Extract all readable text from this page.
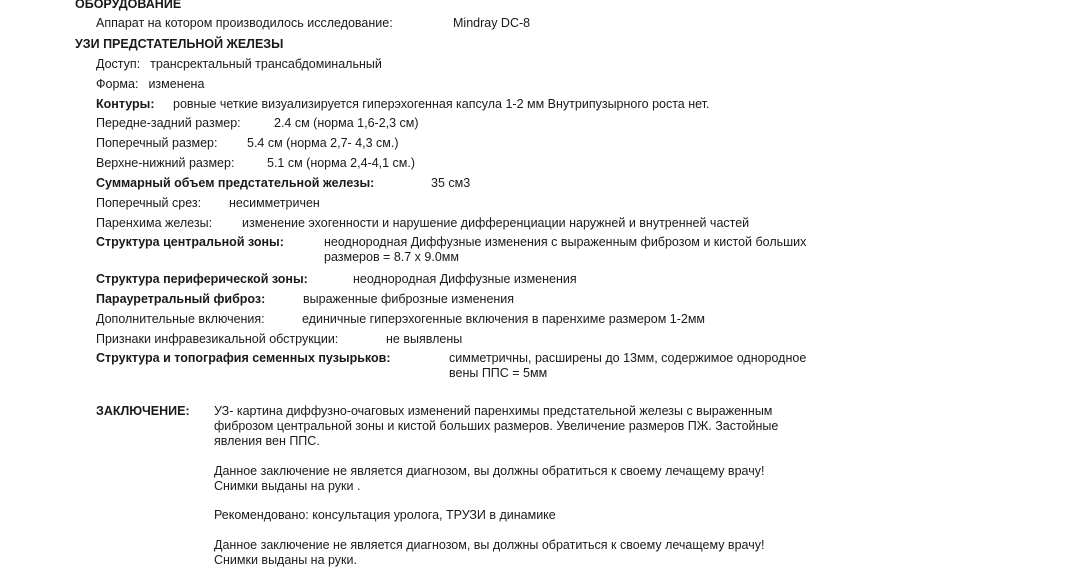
ОБОРУДОВАНИЕ
Аппарат на котором производилось исследование:	Mindray DC-8
УЗИ ПРЕДСТАТЕЛЬНОЙ ЖЕЛЕЗЫ
Доступ: трансректальный трансабдоминальный
Форма: изменена
Контуры: ровные четкие визуализируется гиперэхогенная капсула 1-2 мм Внутрипузырного роста нет.
Передне-задний размер:	2.4 см (норма 1,6-2,3 см)
Поперечный размер: 5.4 см (норма 2,7- 4,3 см.)
Верхне-нижний размер:	5.1 см (норма 2,4-4,1 см.)
Суммарный объем предстательной железы:	35 см3
Поперечный срез: несимметричен
Паренхима железы: изменение эхогенности и нарушение дифференциации наружней и внутренней частей
Структура центральной зоны:	неоднородная Диффузные изменения с выраженным фиброзом и кистой больших
размеров = 8.7 х 9.0мм
Структура периферической зоны:	неоднородная Диффузные изменения
Парауретральный фиброз:	выраженные фиброзные изменения
Дополнительные включения:	единичные гиперэхогенные включения в паренхиме размером 1-2мм
Признаки инфравезикальной обструкции:	не выявлены
Структура и топография семенных пузырьков:	симметричны, расширены до 13мм, содержимое однородное
вены ППС = 5мм
ЗАКЛЮЧЕНИЕ: УЗ- картина диффузно-очаговых изменений паренхимы предстательной железы с выраженным
фиброзом центральной зоны и кистой больших размеров. Увеличение размеров ПЖ. Застойные
явления вен ППС.
Данное заключение не является диагнозом, вы должны обратиться к своему лечащему врачу!
Снимки выданы на руки .
Рекомендовано: консультация уролога, ТРУЗИ в динамике
Данное заключение не является диагнозом, вы должны обратиться к своему лечащему врачу!
Снимки выданы на руки.
